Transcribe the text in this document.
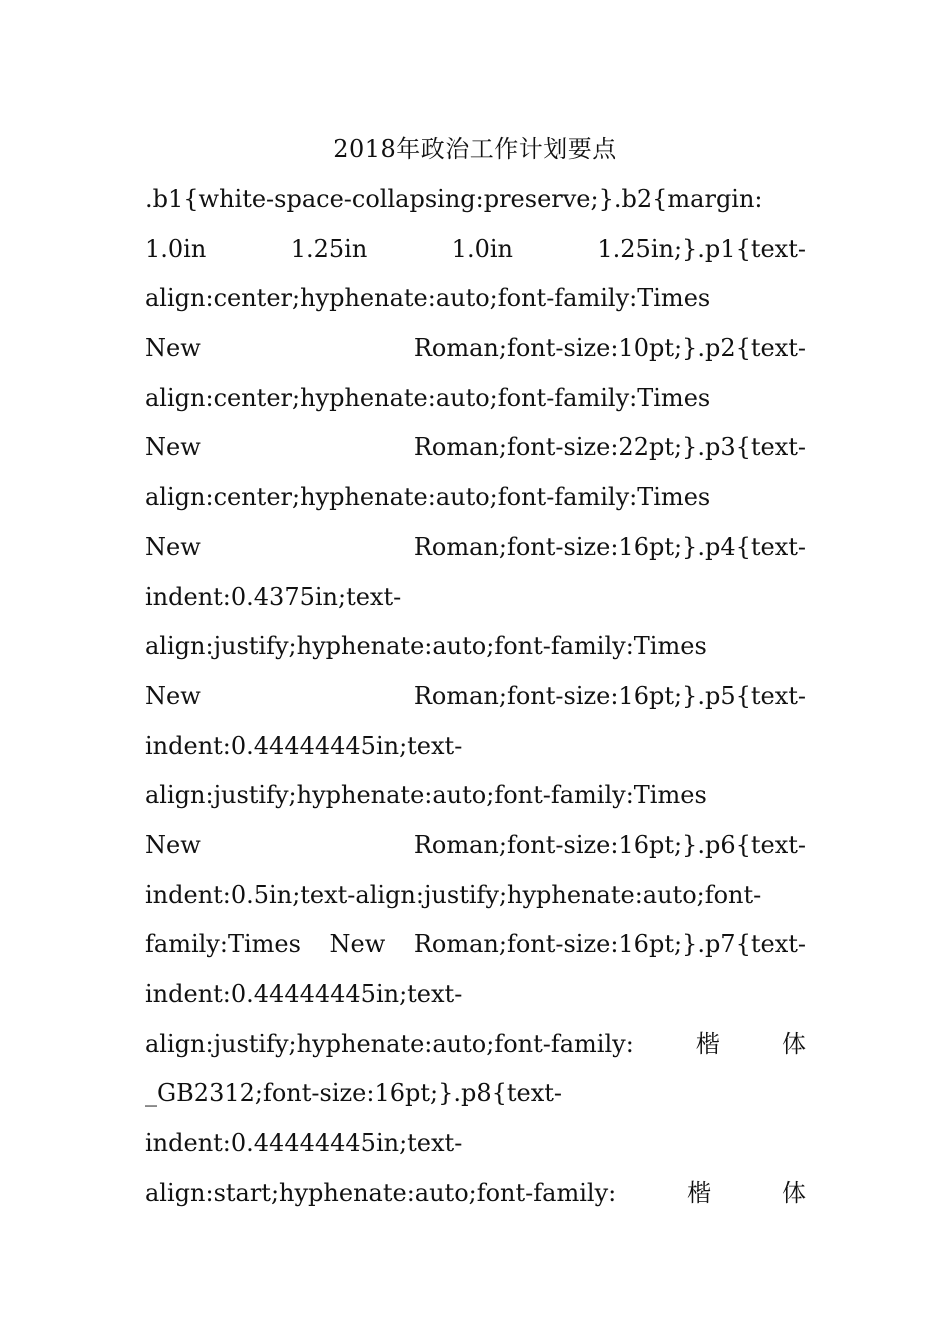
2018年政治工作计划要点
.b1{white-space-collapsing:preserve;}.b2{margin:
1.0in	1.25in	1.0in	1.25in;}.p1{text-
align:center;hyphenate:auto;font-family:Times
New	Roman;font-size:10pt;}.p2{text-
align:center;hyphenate:auto;font-family:Times
New	Roman;font-size:22pt;}.p3{text-
align:center;hyphenate:auto;font-family:Times
New	Roman;font-size:16pt;}.p4{text-
indent:0.4375in;text-
align:justify;hyphenate:auto;font-family:Times
New	Roman;font-size:16pt;}.p5{text-
indent:0.44444445in;text-
align:justify;hyphenate:auto;font-family:Times
New	Roman;font-size:16pt;}.p6{text-
indent:0.5in;text-align:justify;hyphenate:auto;font-
family:Times New Roman;font-size:16pt;}.p7{text-
indent:0.44444445in;text-
align:justify;hyphenate:auto;font-family:	楷	体
_GB2312;font-size:16pt;}.p8{text-
indent:0.44444445in;text-
align:start;hyphenate:auto;font-family:	楷	体
